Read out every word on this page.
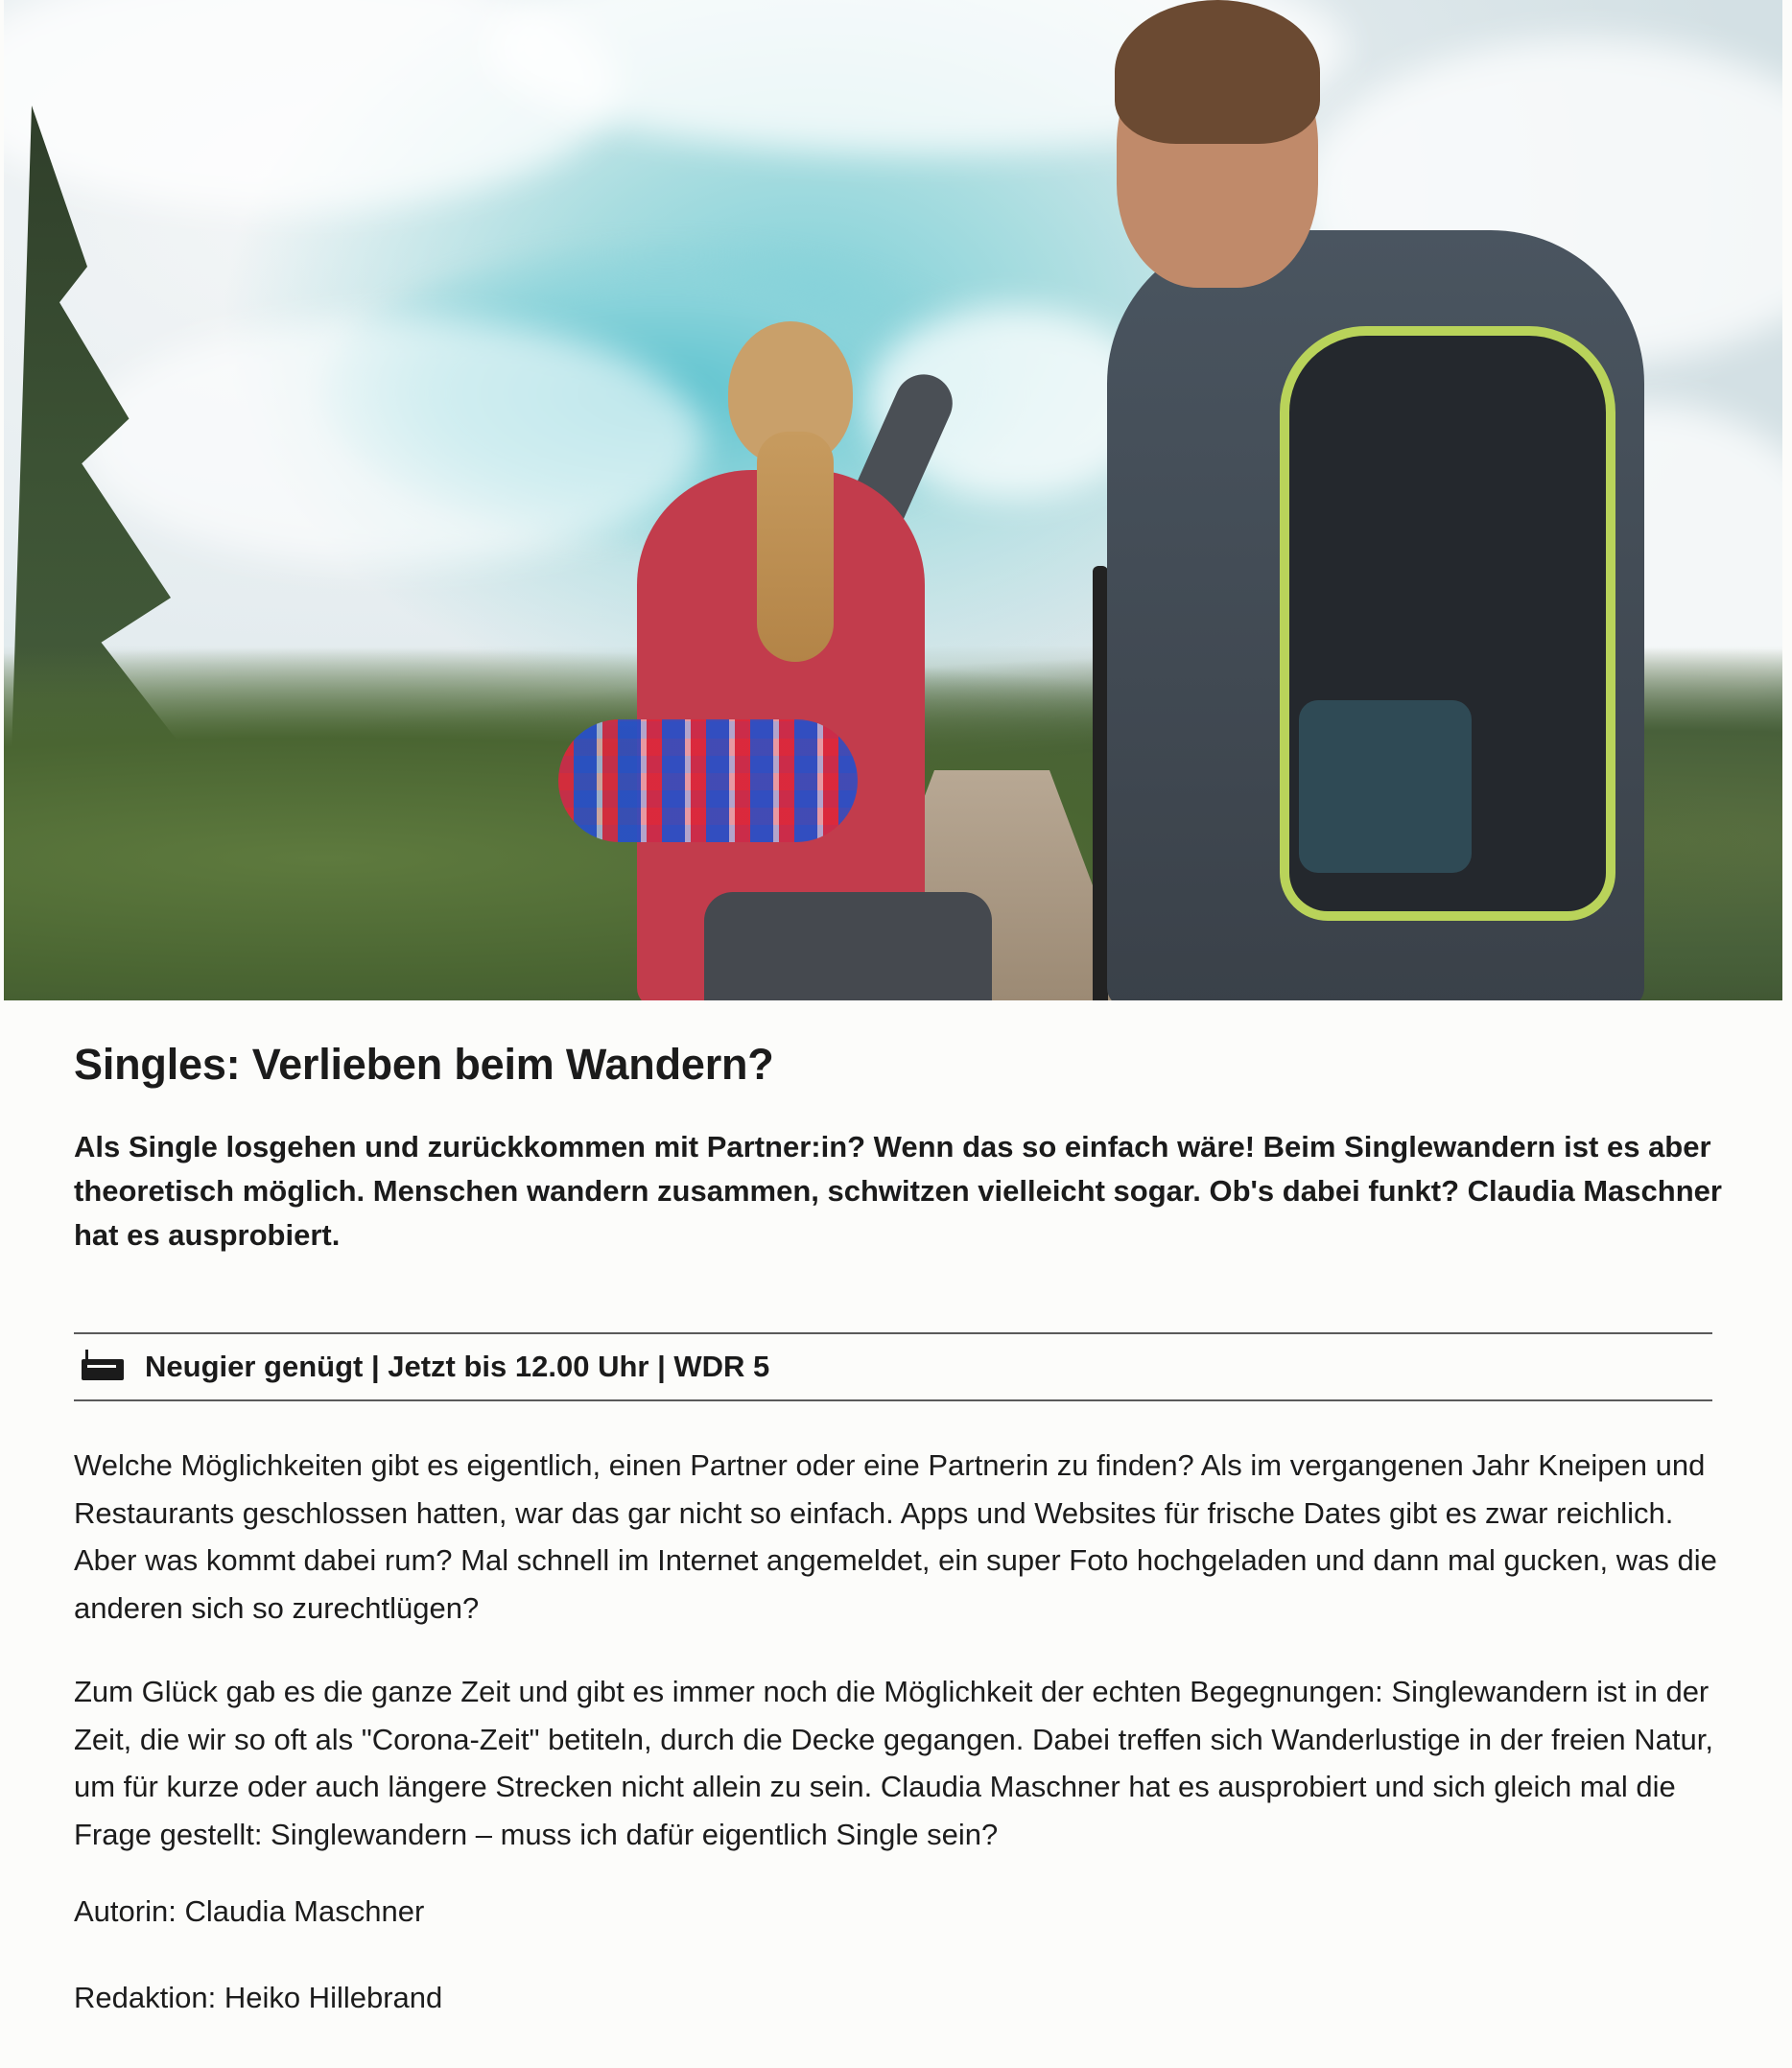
Singles: Verlieben beim Wandern?

Als Single losgehen und zurückkommen mit Partner:in? Wenn das so einfach wäre! Beim Singlewandern ist es aber theoretisch möglich. Menschen wandern zusammen, schwitzen vielleicht sogar. Ob's dabei funkt? Claudia Maschner hat es ausprobiert.

Neugier genügt | Jetzt bis 12.00 Uhr | WDR 5

Welche Möglichkeiten gibt es eigentlich, einen Partner oder eine Partnerin zu finden? Als im vergangenen Jahr Kneipen und Restaurants geschlossen hatten, war das gar nicht so einfach. Apps und Websites für frische Dates gibt es zwar reichlich. Aber was kommt dabei rum? Mal schnell im Internet angemeldet, ein super Foto hochgeladen und dann mal gucken, was die anderen sich so zurechtlügen?

Zum Glück gab es die ganze Zeit und gibt es immer noch die Möglichkeit der echten Begegnungen: Singlewandern ist in der Zeit, die wir so oft als "Corona-Zeit" betiteln, durch die Decke gegangen. Dabei treffen sich Wanderlustige in der freien Natur, um für kurze oder auch längere Strecken nicht allein zu sein. Claudia Maschner hat es ausprobiert und sich gleich mal die Frage gestellt: Singlewandern – muss ich dafür eigentlich Single sein?

Autorin: Claudia Maschner

Redaktion: Heiko Hillebrand
